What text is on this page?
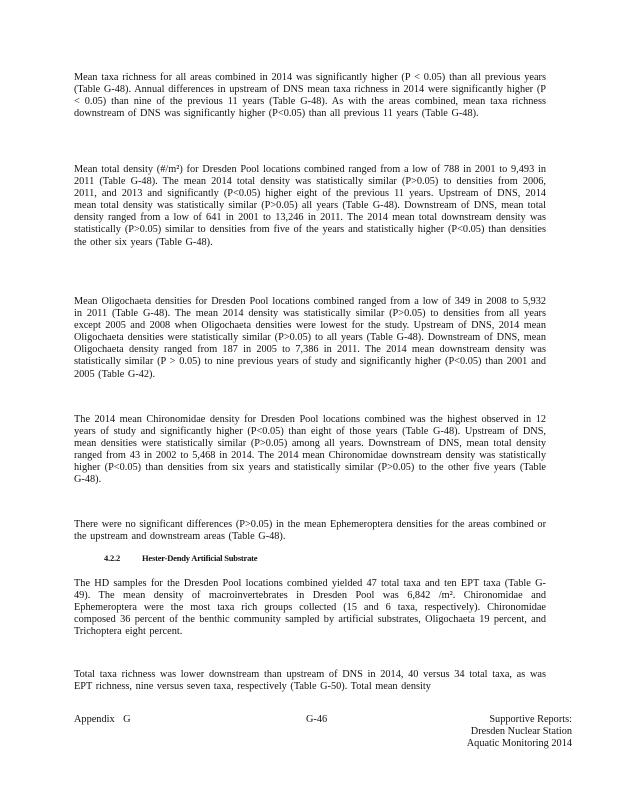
Mean taxa richness for all areas combined in 2014 was significantly higher (P < 0.05) than all previous years (Table G-48). Annual differences in upstream of DNS mean taxa richness in 2014 were significantly higher (P < 0.05) than nine of the previous 11 years (Table G-48). As with the areas combined, mean taxa richness downstream of DNS was significantly higher (P<0.05) than all previous 11 years (Table G-48).

Mean total density (#/m²) for Dresden Pool locations combined ranged from a low of 788 in 2001 to 9,493 in 2011 (Table G-48). The mean 2014 total density was statistically similar (P>0.05) to densities from 2006, 2011, and 2013 and significantly (P<0.05) higher eight of the previous 11 years. Upstream of DNS, 2014 mean total density was statistically similar (P>0.05) all years (Table G-48). Downstream of DNS, mean total density ranged from a low of 641 in 2001 to 13,246 in 2011. The 2014 mean total downstream density was statistically (P>0.05) similar to densities from five of the years and statistically higher (P<0.05) than densities the other six years (Table G-48).

Mean Oligochaeta densities for Dresden Pool locations combined ranged from a low of 349 in 2008 to 5,932 in 2011 (Table G-48). The mean 2014 density was statistically similar (P>0.05) to densities from all years except 2005 and 2008 when Oligochaeta densities were lowest for the study. Upstream of DNS, 2014 mean Oligochaeta densities were statistically similar (P>0.05) to all years (Table G-48). Downstream of DNS, mean Oligochaeta density ranged from 187 in 2005 to 7,386 in 2011. The 2014 mean downstream density was statistically similar (P > 0.05) to nine previous years of study and significantly higher (P<0.05) than 2001 and 2005 (Table G-42).

The 2014 mean Chironomidae density for Dresden Pool locations combined was the highest observed in 12 years of study and significantly higher (P<0.05) than eight of those years (Table G-48). Upstream of DNS, mean densities were statistically similar (P>0.05) among all years. Downstream of DNS, mean total density ranged from 43 in 2002 to 5,468 in 2014. The 2014 mean Chironomidae downstream density was statistically higher (P<0.05) than densities from six years and statistically similar (P>0.05) to the other five years (Table G-48).

There were no significant differences (P>0.05) in the mean Ephemeroptera densities for the areas combined or the upstream and downstream areas (Table G-48).

4.2.2	Hester-Dendy Artificial Substrate

The HD samples for the Dresden Pool locations combined yielded 47 total taxa and ten EPT taxa (Table G-49). The mean density of macroinvertebrates in Dresden Pool was 6,842 /m². Chironomidae and Ephemeroptera were the most taxa rich groups collected (15 and 6 taxa, respectively). Chironomidae composed 36 percent of the benthic community sampled by artificial substrates, Oligochaeta 19 percent, and Trichoptera eight percent.

Total taxa richness was lower downstream than upstream of DNS in 2014, 40 versus 34 total taxa, as was EPT richness, nine versus seven taxa, respectively (Table G-50). Total mean density

Appendix G	G-46	Supportive Reports:
Dresden Nuclear Station
Aquatic Monitoring 2014
